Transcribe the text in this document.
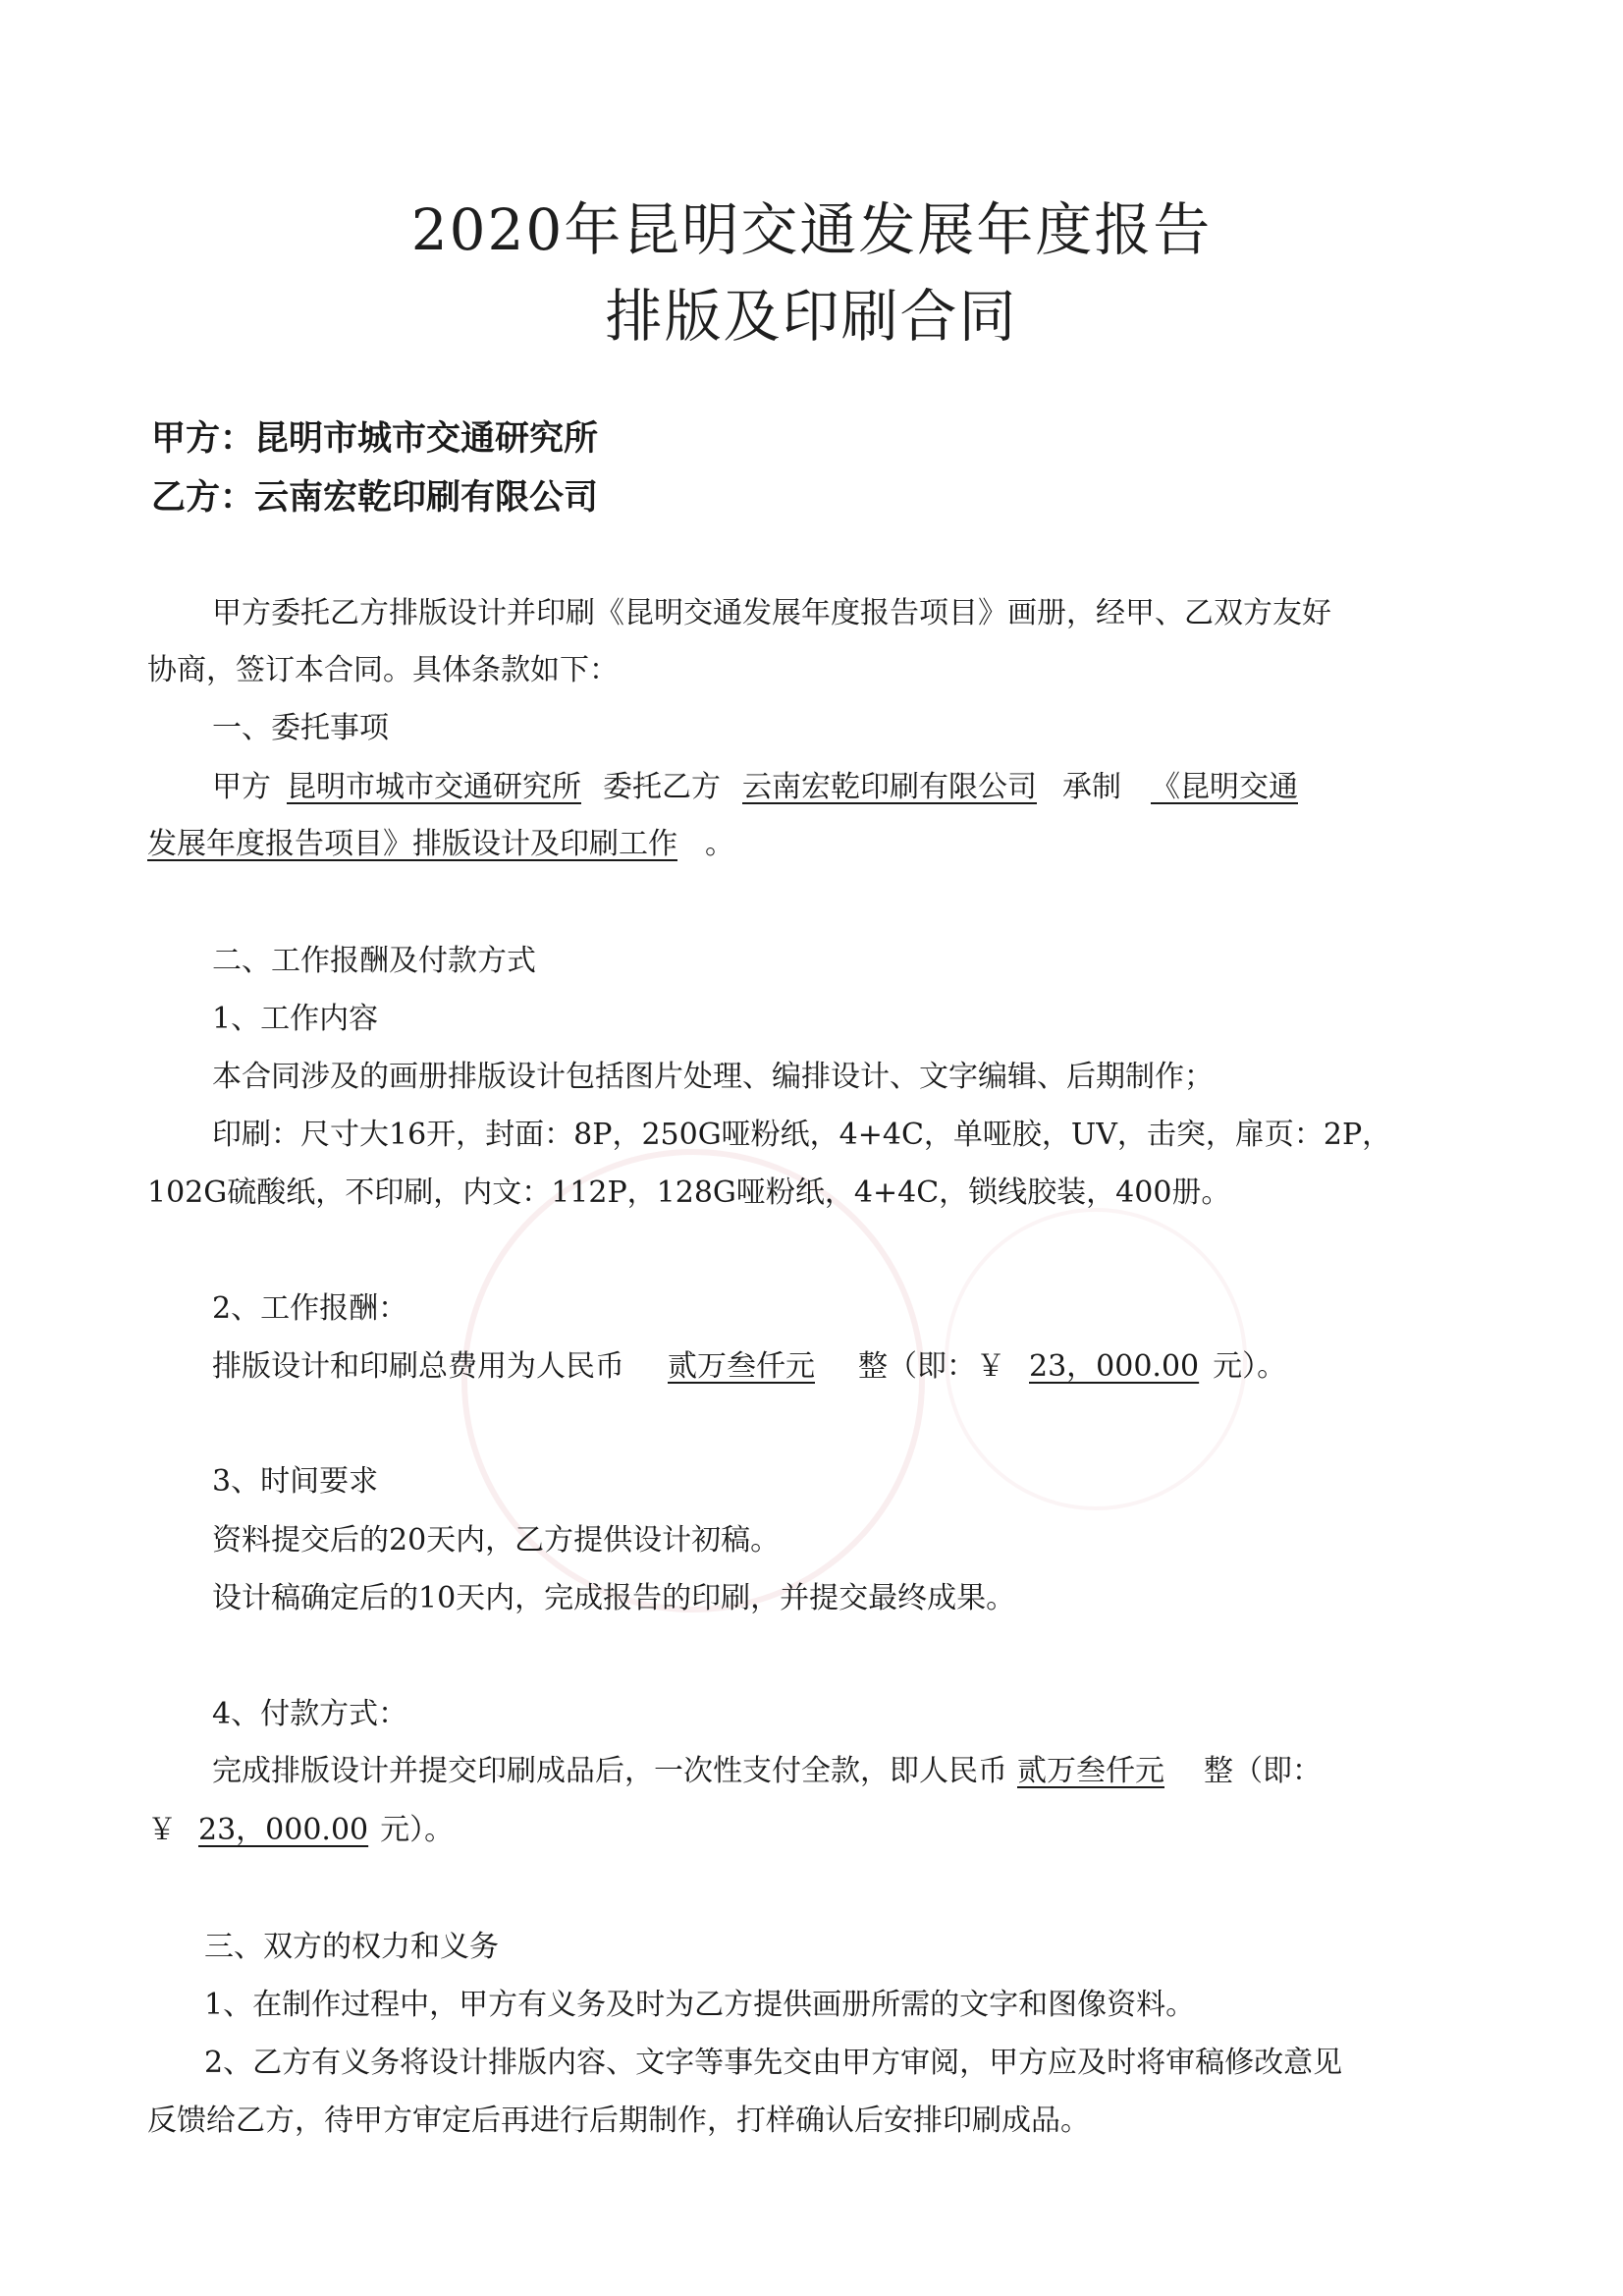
2020年昆明交通发展年度报告
排版及印刷合同
甲方：昆明市城市交通研究所
乙方：云南宏乾印刷有限公司
甲方委托乙方排版设计并印刷《昆明交通发展年度报告项目》画册，经甲、乙双方友好
协商，签订本合同。具体条款如下：
一、委托事项
甲方 昆明市城市交通研究所 委托乙方 云南宏乾印刷有限公司 承制 《昆明交通
发展年度报告项目》排版设计及印刷工作 。
二、工作报酬及付款方式
1、工作内容
本合同涉及的画册排版设计包括图片处理、编排设计、文字编辑、后期制作；
印刷：尺寸大16开，封面：8P，250G哑粉纸，4+4C，单哑胶，UV，击突，扉页：2P，
102G硫酸纸，不印刷，内文：112P，128G哑粉纸，4+4C，锁线胶装，400册。
2、工作报酬：
排版设计和印刷总费用为人民币 贰万叁仟元 整（即：￥ 23，000.00 元）。
3、时间要求
资料提交后的20天内，乙方提供设计初稿。
设计稿确定后的10天内，完成报告的印刷，并提交最终成果。
4、付款方式：
完成排版设计并提交印刷成品后，一次性支付全款，即人民币 贰万叁仟元 整（即：
￥ 23，000.00 元）。
三、双方的权力和义务
1、在制作过程中，甲方有义务及时为乙方提供画册所需的文字和图像资料。
2、乙方有义务将设计排版内容、文字等事先交由甲方审阅，甲方应及时将审稿修改意见
反馈给乙方，待甲方审定后再进行后期制作，打样确认后安排印刷成品。
